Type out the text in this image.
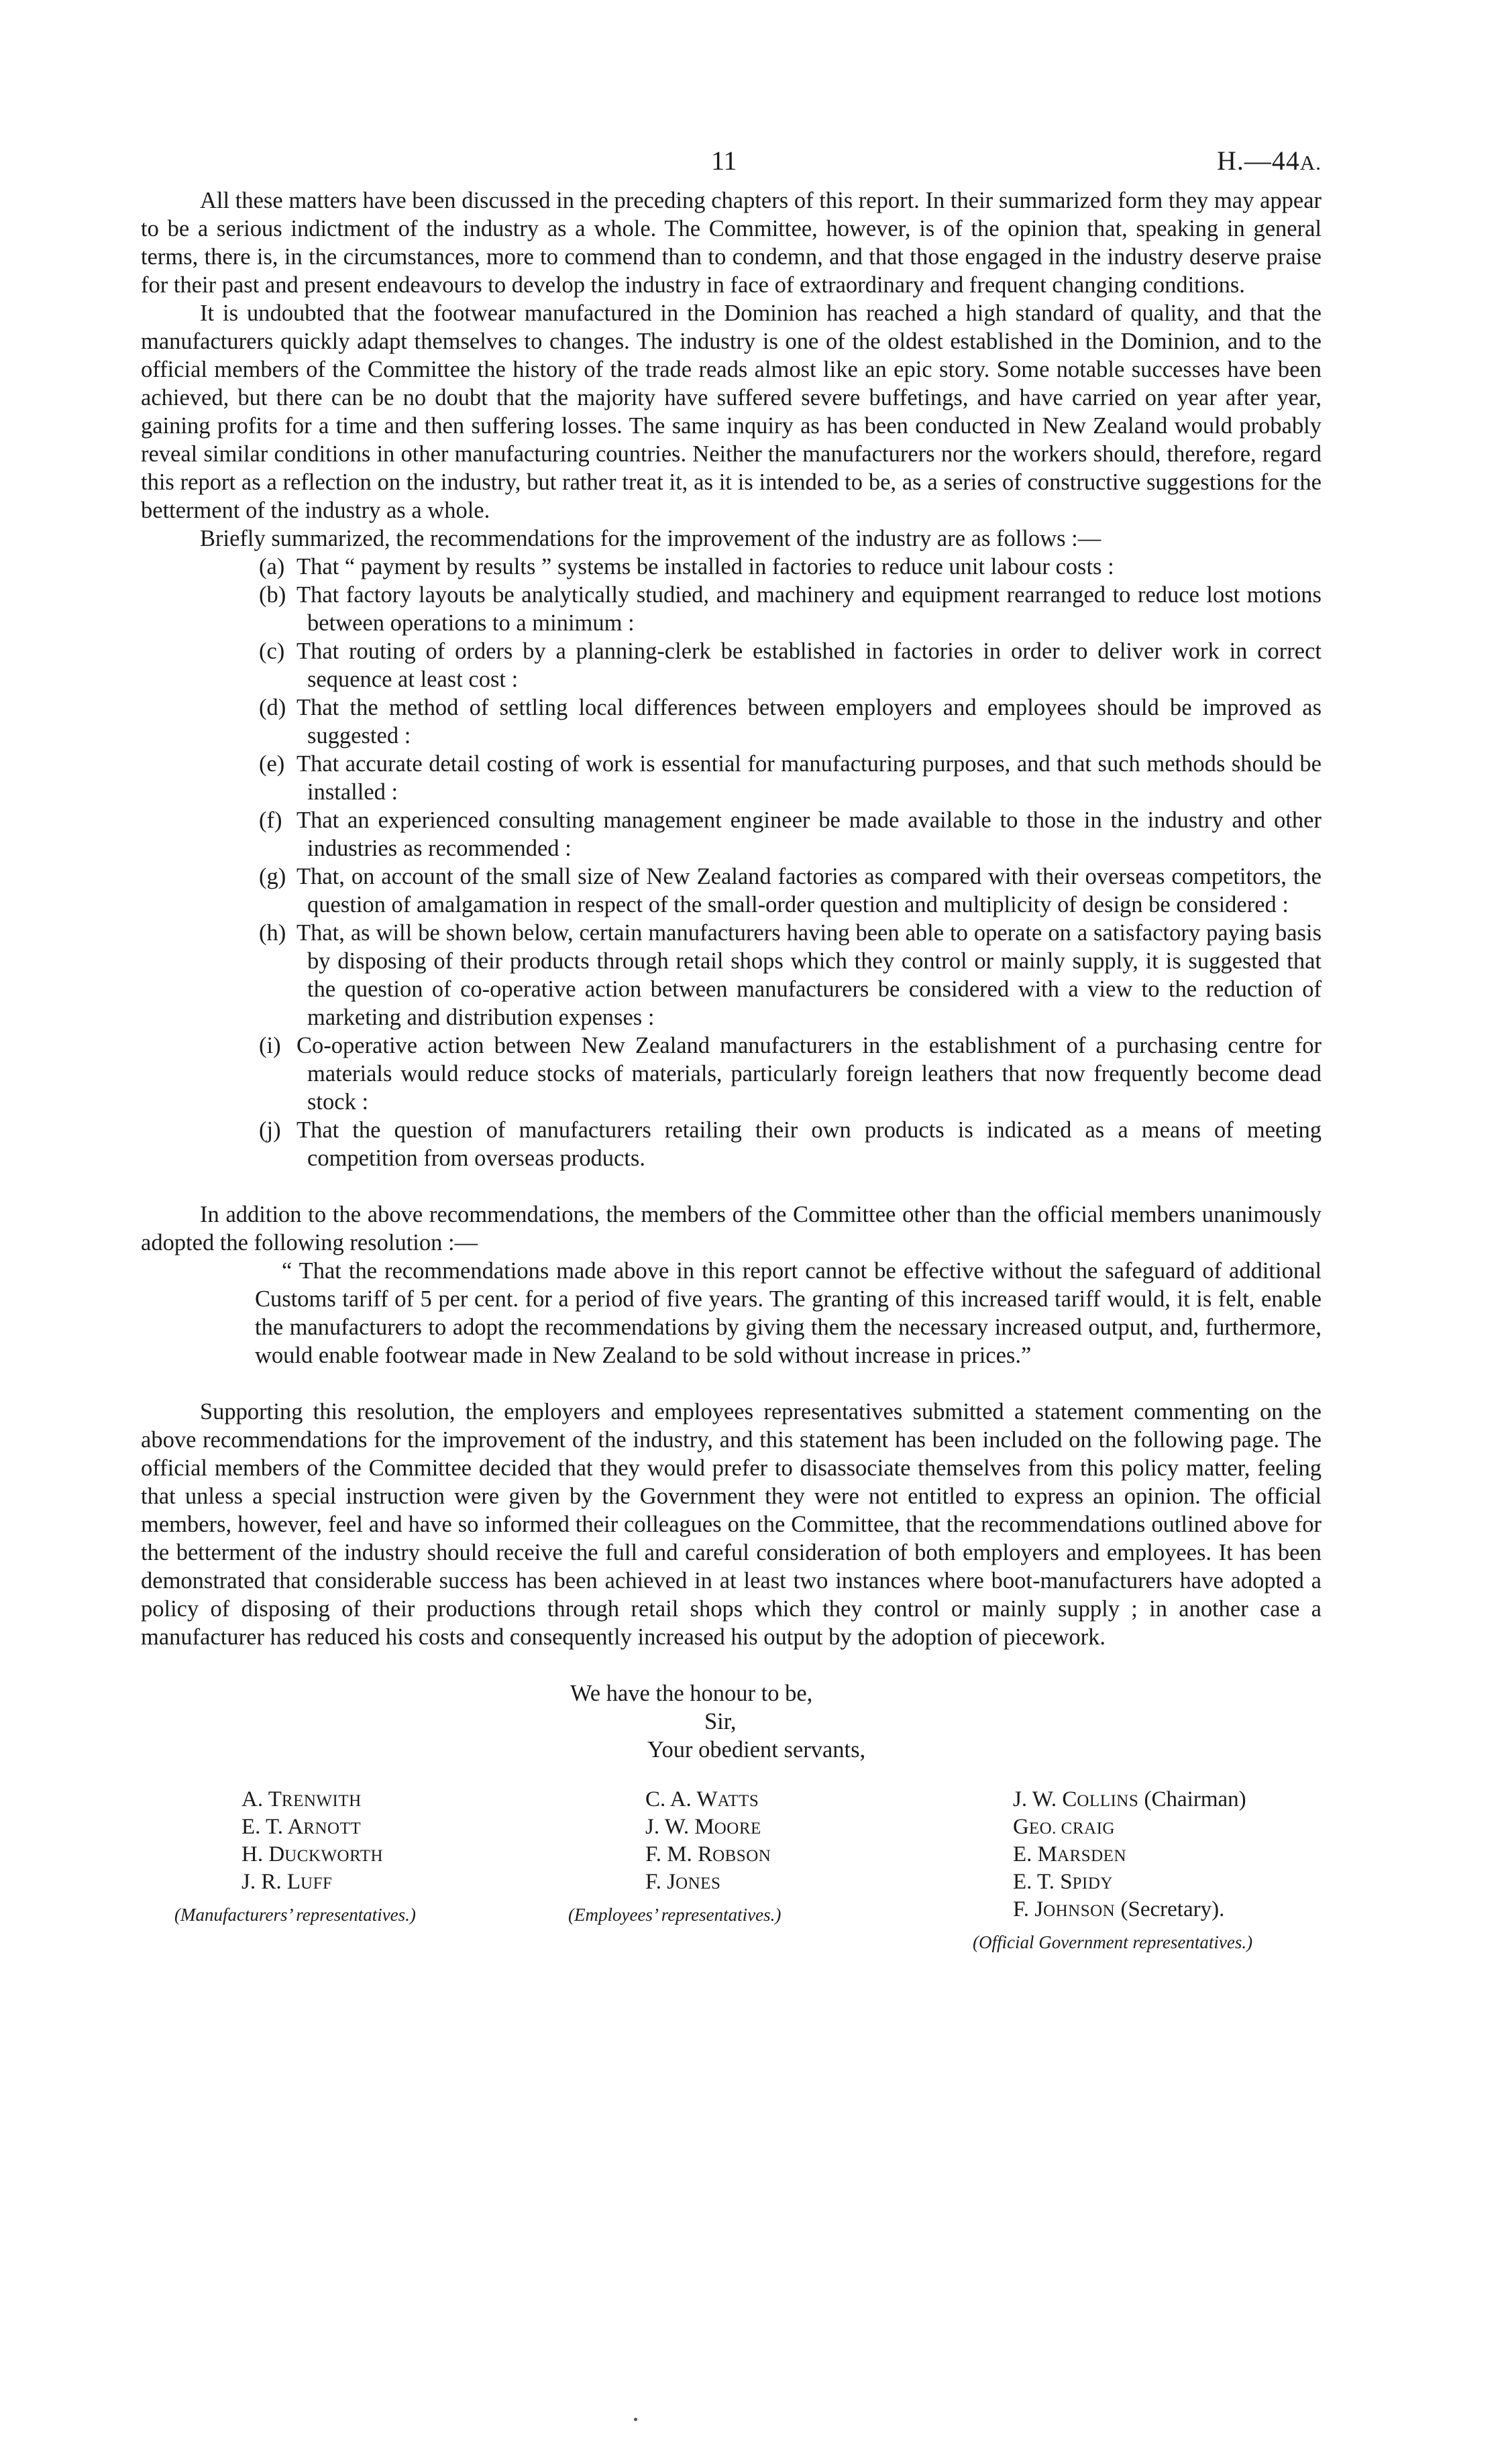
11	H.—44A.

All these matters have been discussed in the preceding chapters of this report. In their summarized form they may appear to be a serious indictment of the industry as a whole. The Committee, however, is of the opinion that, speaking in general terms, there is, in the circumstances, more to commend than to condemn, and that those engaged in the industry deserve praise for their past and present endeavours to develop the industry in face of extraordinary and frequent changing conditions.

It is undoubted that the footwear manufactured in the Dominion has reached a high standard of quality, and that the manufacturers quickly adapt themselves to changes. The industry is one of the oldest established in the Dominion, and to the official members of the Committee the history of the trade reads almost like an epic story. Some notable successes have been achieved, but there can be no doubt that the majority have suffered severe buffetings, and have carried on year after year, gaining profits for a time and then suffering losses. The same inquiry as has been conducted in New Zealand would probably reveal similar conditions in other manufacturing countries. Neither the manufacturers nor the workers should, therefore, regard this report as a reflection on the industry, but rather treat it, as it is intended to be, as a series of constructive suggestions for the betterment of the industry as a whole.

Briefly summarized, the recommendations for the improvement of the industry are as follows :—

(a) That “ payment by results ” systems be installed in factories to reduce unit labour costs :
(b) That factory layouts be analytically studied, and machinery and equipment rearranged to reduce lost motions between operations to a minimum :
(c) That routing of orders by a planning-clerk be established in factories in order to deliver work in correct sequence at least cost :
(d) That the method of settling local differences between employers and employees should be improved as suggested :
(e) That accurate detail costing of work is essential for manufacturing purposes, and that such methods should be installed :
(f) That an experienced consulting management engineer be made available to those in the industry and other industries as recommended :
(g) That, on account of the small size of New Zealand factories as compared with their overseas competitors, the question of amalgamation in respect of the small-order question and multiplicity of design be considered :
(h) That, as will be shown below, certain manufacturers having been able to operate on a satisfactory paying basis by disposing of their products through retail shops which they control or mainly supply, it is suggested that the question of co-operative action between manufacturers be considered with a view to the reduction of marketing and distribution expenses :
(i) Co-operative action between New Zealand manufacturers in the establishment of a purchasing centre for materials would reduce stocks of materials, particularly foreign leathers that now frequently become dead stock :
(j) That the question of manufacturers retailing their own products is indicated as a means of meeting competition from overseas products.

In addition to the above recommendations, the members of the Committee other than the official members unanimously adopted the following resolution :—

“ That the recommendations made above in this report cannot be effective without the safeguard of additional Customs tariff of 5 per cent. for a period of five years. The granting of this increased tariff would, it is felt, enable the manufacturers to adopt the recommendations by giving them the necessary increased output, and, furthermore, would enable footwear made in New Zealand to be sold without increase in prices.”

Supporting this resolution, the employers and employees representatives submitted a statement commenting on the above recommendations for the improvement of the industry, and this statement has been included on the following page. The official members of the Committee decided that they would prefer to disassociate themselves from this policy matter, feeling that unless a special instruction were given by the Government they were not entitled to express an opinion. The official members, however, feel and have so informed their colleagues on the Committee, that the recommendations outlined above for the betterment of the industry should receive the full and careful consideration of both employers and employees. It has been demonstrated that considerable success has been achieved in at least two instances where boot-manufacturers have adopted a policy of disposing of their productions through retail shops which they control or mainly supply ; in another case a manufacturer has reduced his costs and consequently increased his output by the adoption of piecework.

We have the honour to be,
Sir,
Your obedient servants,
A. TRENWITH
E. T. ARNOTT
H. DUCKWORTH
J. R. LUFF
(Manufacturers’ representatives.)
C. A. WATTS
J. W. MOORE
F. M. ROBSON
F. JONES
(Employees’ representatives.)
J. W. COLLINS (Chairman)
GEO. CRAIG
E. MARSDEN
E. T. SPIDY
F. JOHNSON (Secretary).
(Official Government representatives.)
